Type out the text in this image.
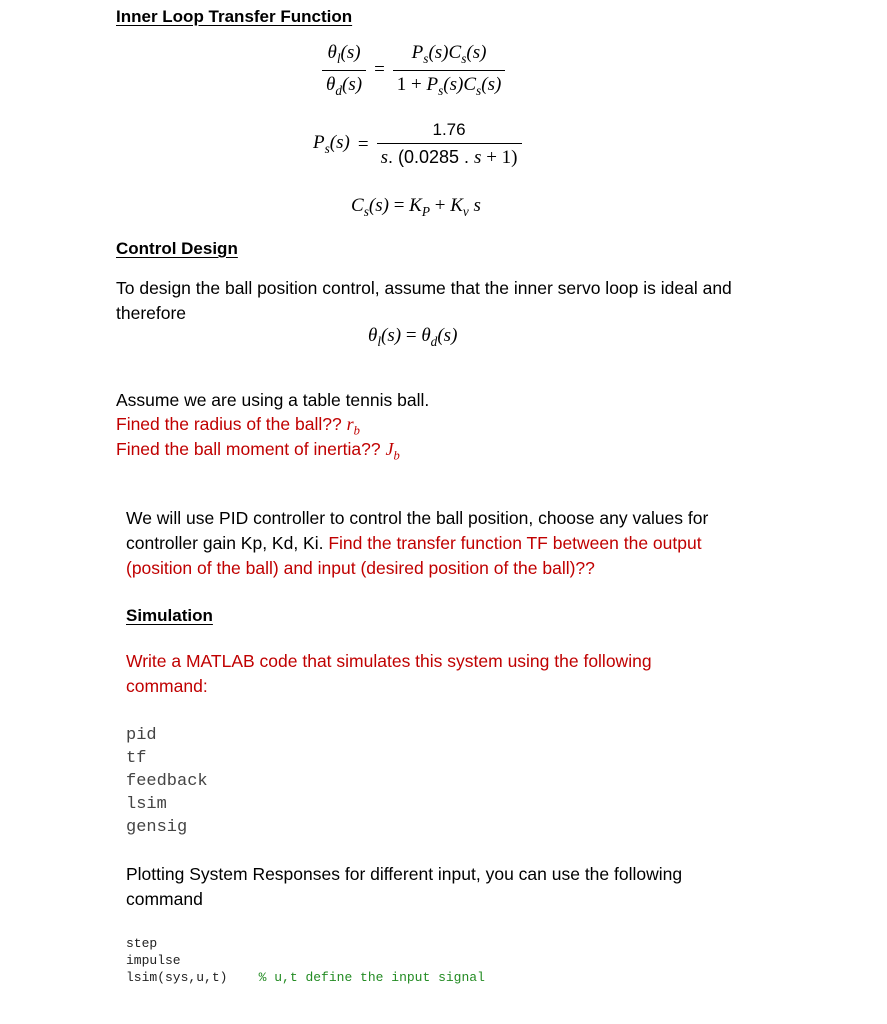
Inner Loop Transfer Function
$\frac{\theta_l(s)}{\theta_d(s)} = \frac{P_s(s)C_s(s)}{1 + P_s(s)C_s(s)}$
$P_s(s) = \frac{1.76}{s. (0.0285 . s + 1)}$
$C_s(s) = K_P + K_v$ s
Control Design
To design the ball position control, assume that the inner servo loop is ideal and therefore
$\theta_l(s) = \theta_d(s)$
Assume we are using a table tennis ball.
Fined the radius of the ball?? $r_b$
Fined the ball moment of inertia?? $J_b$
We will use PID controller to control the ball position, choose any values for controller gain Kp, Kd, Ki. Find the transfer function TF between the output (position of the ball) and input (desired position of the ball)??
Simulation
Write a MATLAB code that simulates this system using the following command:
pid
tf
feedback
lsim
gensig
Plotting System Responses for different input, you can use the following command
step
impulse
lsim(sys,u,t) % u,t define the input signal
